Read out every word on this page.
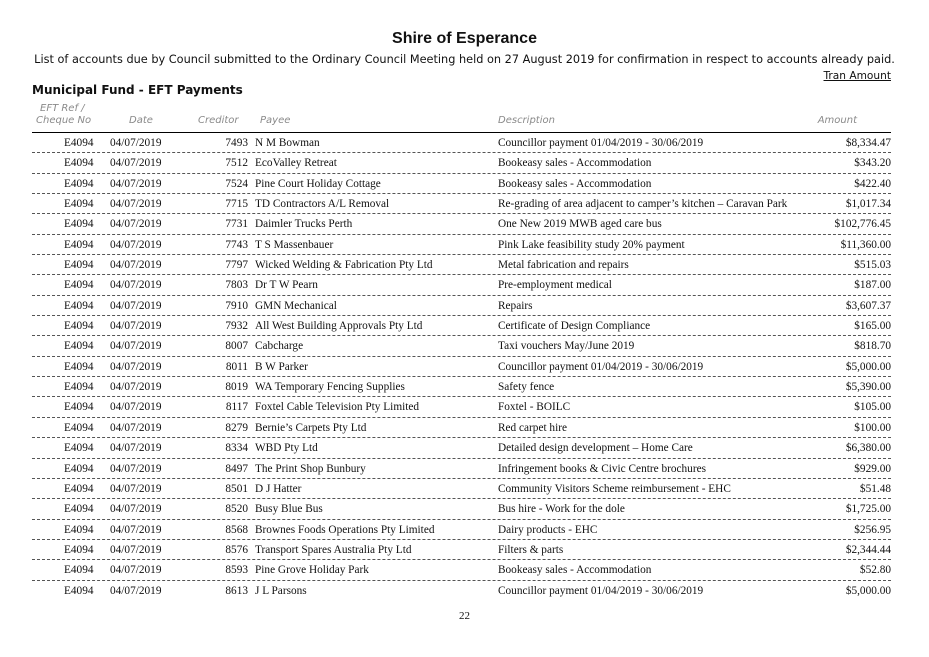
Shire of Esperance
List of accounts due by Council submitted to the Ordinary Council Meeting held on 27 August 2019 for confirmation in respect to accounts already paid.
Tran Amount
Municipal Fund - EFT Payments
EFT Ref /
Cheque No	Date	Creditor Payee	Description	Amount
E4094 04/07/2019	7493 N M Bowman	Councillor payment 01/04/2019 - 30/06/2019	$8,334.47
E4094 04/07/2019	7512 EcoValley Retreat	Bookeasy sales - Accommodation	$343.20
E4094 04/07/2019	7524 Pine Court Holiday Cottage	Bookeasy sales - Accommodation	$422.40
E4094 04/07/2019	7715 TD Contractors A/L Removal	Re-grading of area adjacent to camper’s kitchen – Caravan Park	$1,017.34
E4094 04/07/2019	7731 Daimler Trucks Perth	One New 2019 MWB aged care bus	$102,776.45
E4094 04/07/2019	7743 T S Massenbauer	Pink Lake feasibility study 20% payment	$11,360.00
E4094 04/07/2019	7797 Wicked Welding & Fabrication Pty Ltd	Metal fabrication and repairs	$515.03
E4094 04/07/2019	7803 Dr T W Pearn	Pre-employment medical	$187.00
E4094 04/07/2019	7910 GMN Mechanical	Repairs	$3,607.37
E4094 04/07/2019	7932 All West Building Approvals Pty Ltd	Certificate of Design Compliance	$165.00
E4094 04/07/2019	8007 Cabcharge	Taxi vouchers May/June 2019	$818.70
E4094 04/07/2019	8011 B W Parker	Councillor payment 01/04/2019 - 30/06/2019	$5,000.00
E4094 04/07/2019	8019 WA Temporary Fencing Supplies	Safety fence	$5,390.00
E4094 04/07/2019	8117 Foxtel Cable Television Pty Limited	Foxtel - BOILC	$105.00
E4094 04/07/2019	8279 Bernie’s Carpets Pty Ltd	Red carpet hire	$100.00
E4094 04/07/2019	8334 WBD Pty Ltd	Detailed design development – Home Care	$6,380.00
E4094 04/07/2019	8497 The Print Shop Bunbury	Infringement books & Civic Centre brochures	$929.00
E4094 04/07/2019	8501 D J Hatter	Community Visitors Scheme reimbursement - EHC	$51.48
E4094 04/07/2019	8520 Busy Blue Bus	Bus hire - Work for the dole	$1,725.00
E4094 04/07/2019	8568 Brownes Foods Operations Pty Limited	Dairy products - EHC	$256.95
E4094 04/07/2019	8576 Transport Spares Australia Pty Ltd	Filters & parts	$2,344.44
E4094 04/07/2019	8593 Pine Grove Holiday Park	Bookeasy sales - Accommodation	$52.80
E4094 04/07/2019	8613 J L Parsons	Councillor payment 01/04/2019 - 30/06/2019	$5,000.00
22
